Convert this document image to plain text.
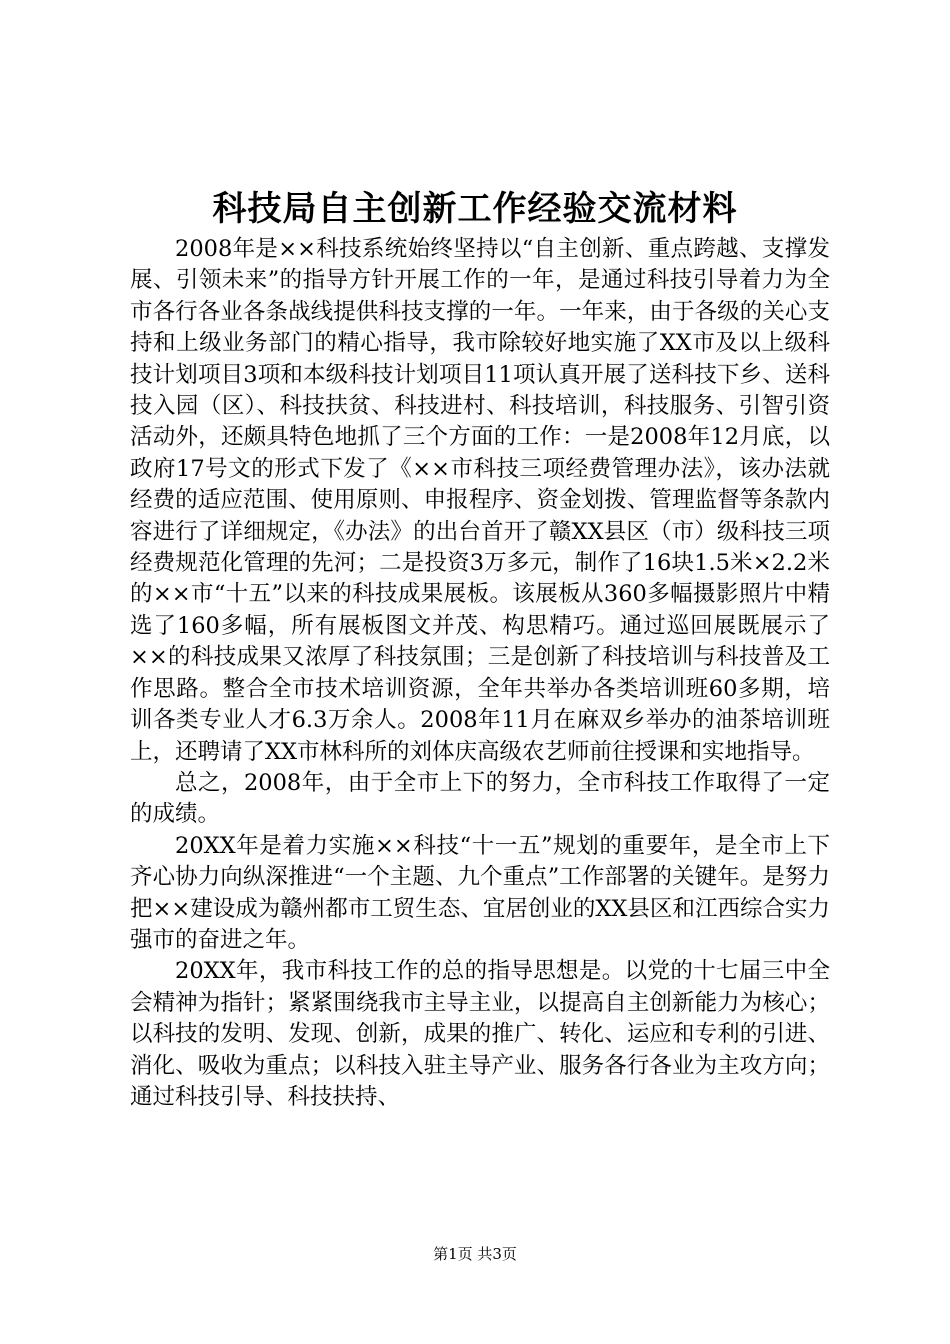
科技局自主创新工作经验交流材料

2008年是××科技系统始终坚持以“自主创新、重点跨越、支撑发展、引领未来”的指导方针开展工作的一年，是通过科技引导着力为全市各行各业各条战线提供科技支撑的一年。一年来，由于各级的关心支持和上级业务部门的精心指导，我市除较好地实施了XX市及以上级科技计划项目3项和本级科技计划项目11项认真开展了送科技下乡、送科技入园（区）、科技扶贫、科技进村、科技培训，科技服务、引智引资活动外，还颇具特色地抓了三个方面的工作：一是2008年12月底，以政府17号文的形式下发了《××市科技三项经费管理办法》，该办法就经费的适应范围、使用原则、申报程序、资金划拨、管理监督等条款内容进行了详细规定，《办法》的出台首开了赣XX县区（市）级科技三项经费规范化管理的先河；二是投资3万多元，制作了16块1.5米×2.2米的××市“十五”以来的科技成果展板。该展板从360多幅摄影照片中精选了160多幅，所有展板图文并茂、构思精巧。通过巡回展既展示了××的科技成果又浓厚了科技氛围；三是创新了科技培训与科技普及工作思路。整合全市技术培训资源，全年共举办各类培训班60多期，培训各类专业人才6.3万余人。2008年11月在麻双乡举办的油茶培训班上，还聘请了XX市林科所的刘体庆高级农艺师前往授课和实地指导。

总之，2008年，由于全市上下的努力，全市科技工作取得了一定的成绩。

20XX年是着力实施××科技“十一五”规划的重要年，是全市上下齐心协力向纵深推进“一个主题、九个重点”工作部署的关键年。是努力把××建设成为赣州都市工贸生态、宜居创业的XX县区和江西综合实力强市的奋进之年。

20XX年，我市科技工作的总的指导思想是。以党的十七届三中全会精神为指针；紧紧围绕我市主导主业，以提高自主创新能力为核心；以科技的发明、发现、创新，成果的推广、转化、运应和专利的引进、消化、吸收为重点；以科技入驻主导产业、服务各行各业为主攻方向；通过科技引导、科技扶持、

第1页 共3页
